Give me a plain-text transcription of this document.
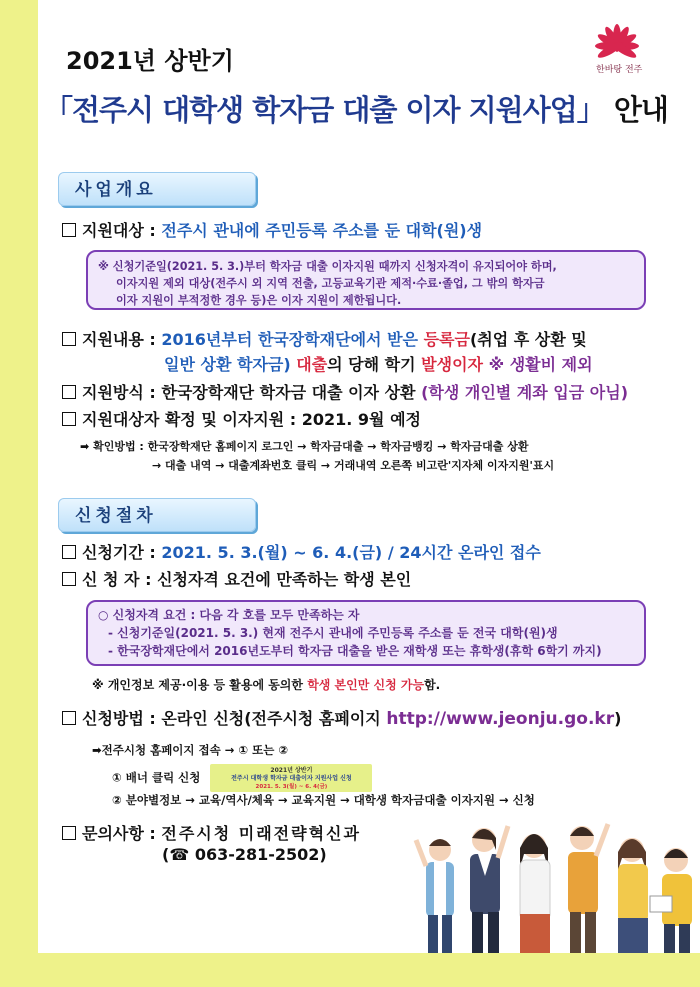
한바탕 전주
2021년 상반기
「전주시 대학생 학자금 대출 이자 지원사업」 안내
사업개요
지원대상 : 전주시 관내에 주민등록 주소를 둔 대학(원)생
※ 신청기준일(2021. 5. 3.)부터 학자금 대출 이자지원 때까지 신청자격이 유지되어야 하며,
이자지원 제외 대상(전주시 외 지역 전출, 고등교육기관 제적·수료·졸업, 그 밖의 학자금
이자 지원이 부적정한 경우 등)은 이자 지원이 제한됩니다.
지원내용 : 2016년부터 한국장학재단에서 받은 등록금(취업 후 상환 및
일반 상환 학자금) 대출의 당해 학기 발생이자 ※ 생활비 제외
지원방식 : 한국장학재단 학자금 대출 이자 상환 (학생 개인별 계좌 입금 아님)
지원대상자 확정 및 이자지원 : 2021. 9월 예정
➡ 확인방법 : 한국장학재단 홈페이지 로그인 → 학자금대출 → 학자금뱅킹 → 학자금대출 상환
→ 대출 내역 → 대출계좌번호 클릭 → 거래내역 오른쪽 비고란'지자체 이자지원'표시
신청절차
신청기간 : 2021. 5. 3.(월) ~ 6. 4.(금) / 24시간 온라인 접수
신 청 자 : 신청자격 요건에 만족하는 학생 본인
○ 신청자격 요건 : 다음 각 호를 모두 만족하는 자
- 신청기준일(2021. 5. 3.) 현재 전주시 관내에 주민등록 주소를 둔 전국 대학(원)생
- 한국장학재단에서 2016년도부터 학자금 대출을 받은 재학생 또는 휴학생(휴학 6학기 까지)
※ 개인정보 제공·이용 등 활용에 동의한 학생 본인만 신청 가능함.
신청방법 : 온라인 신청(전주시청 홈페이지 http://www.jeonju.go.kr)
➡전주시청 홈페이지 접속 → ① 또는 ②
① 배너 클릭 신청	2021년 상반기
전주시 대학생 학자금 대출이자 지원사업 신청
2021. 5. 3(월) ~ 6. 4(금)
② 분야별정보 → 교육/역사/체육 → 교육지원 → 대학생 학자금대출 이자지원 → 신청
문의사항 : 전주시청 미래전략혁신과
(☎ 063-281-2502)
